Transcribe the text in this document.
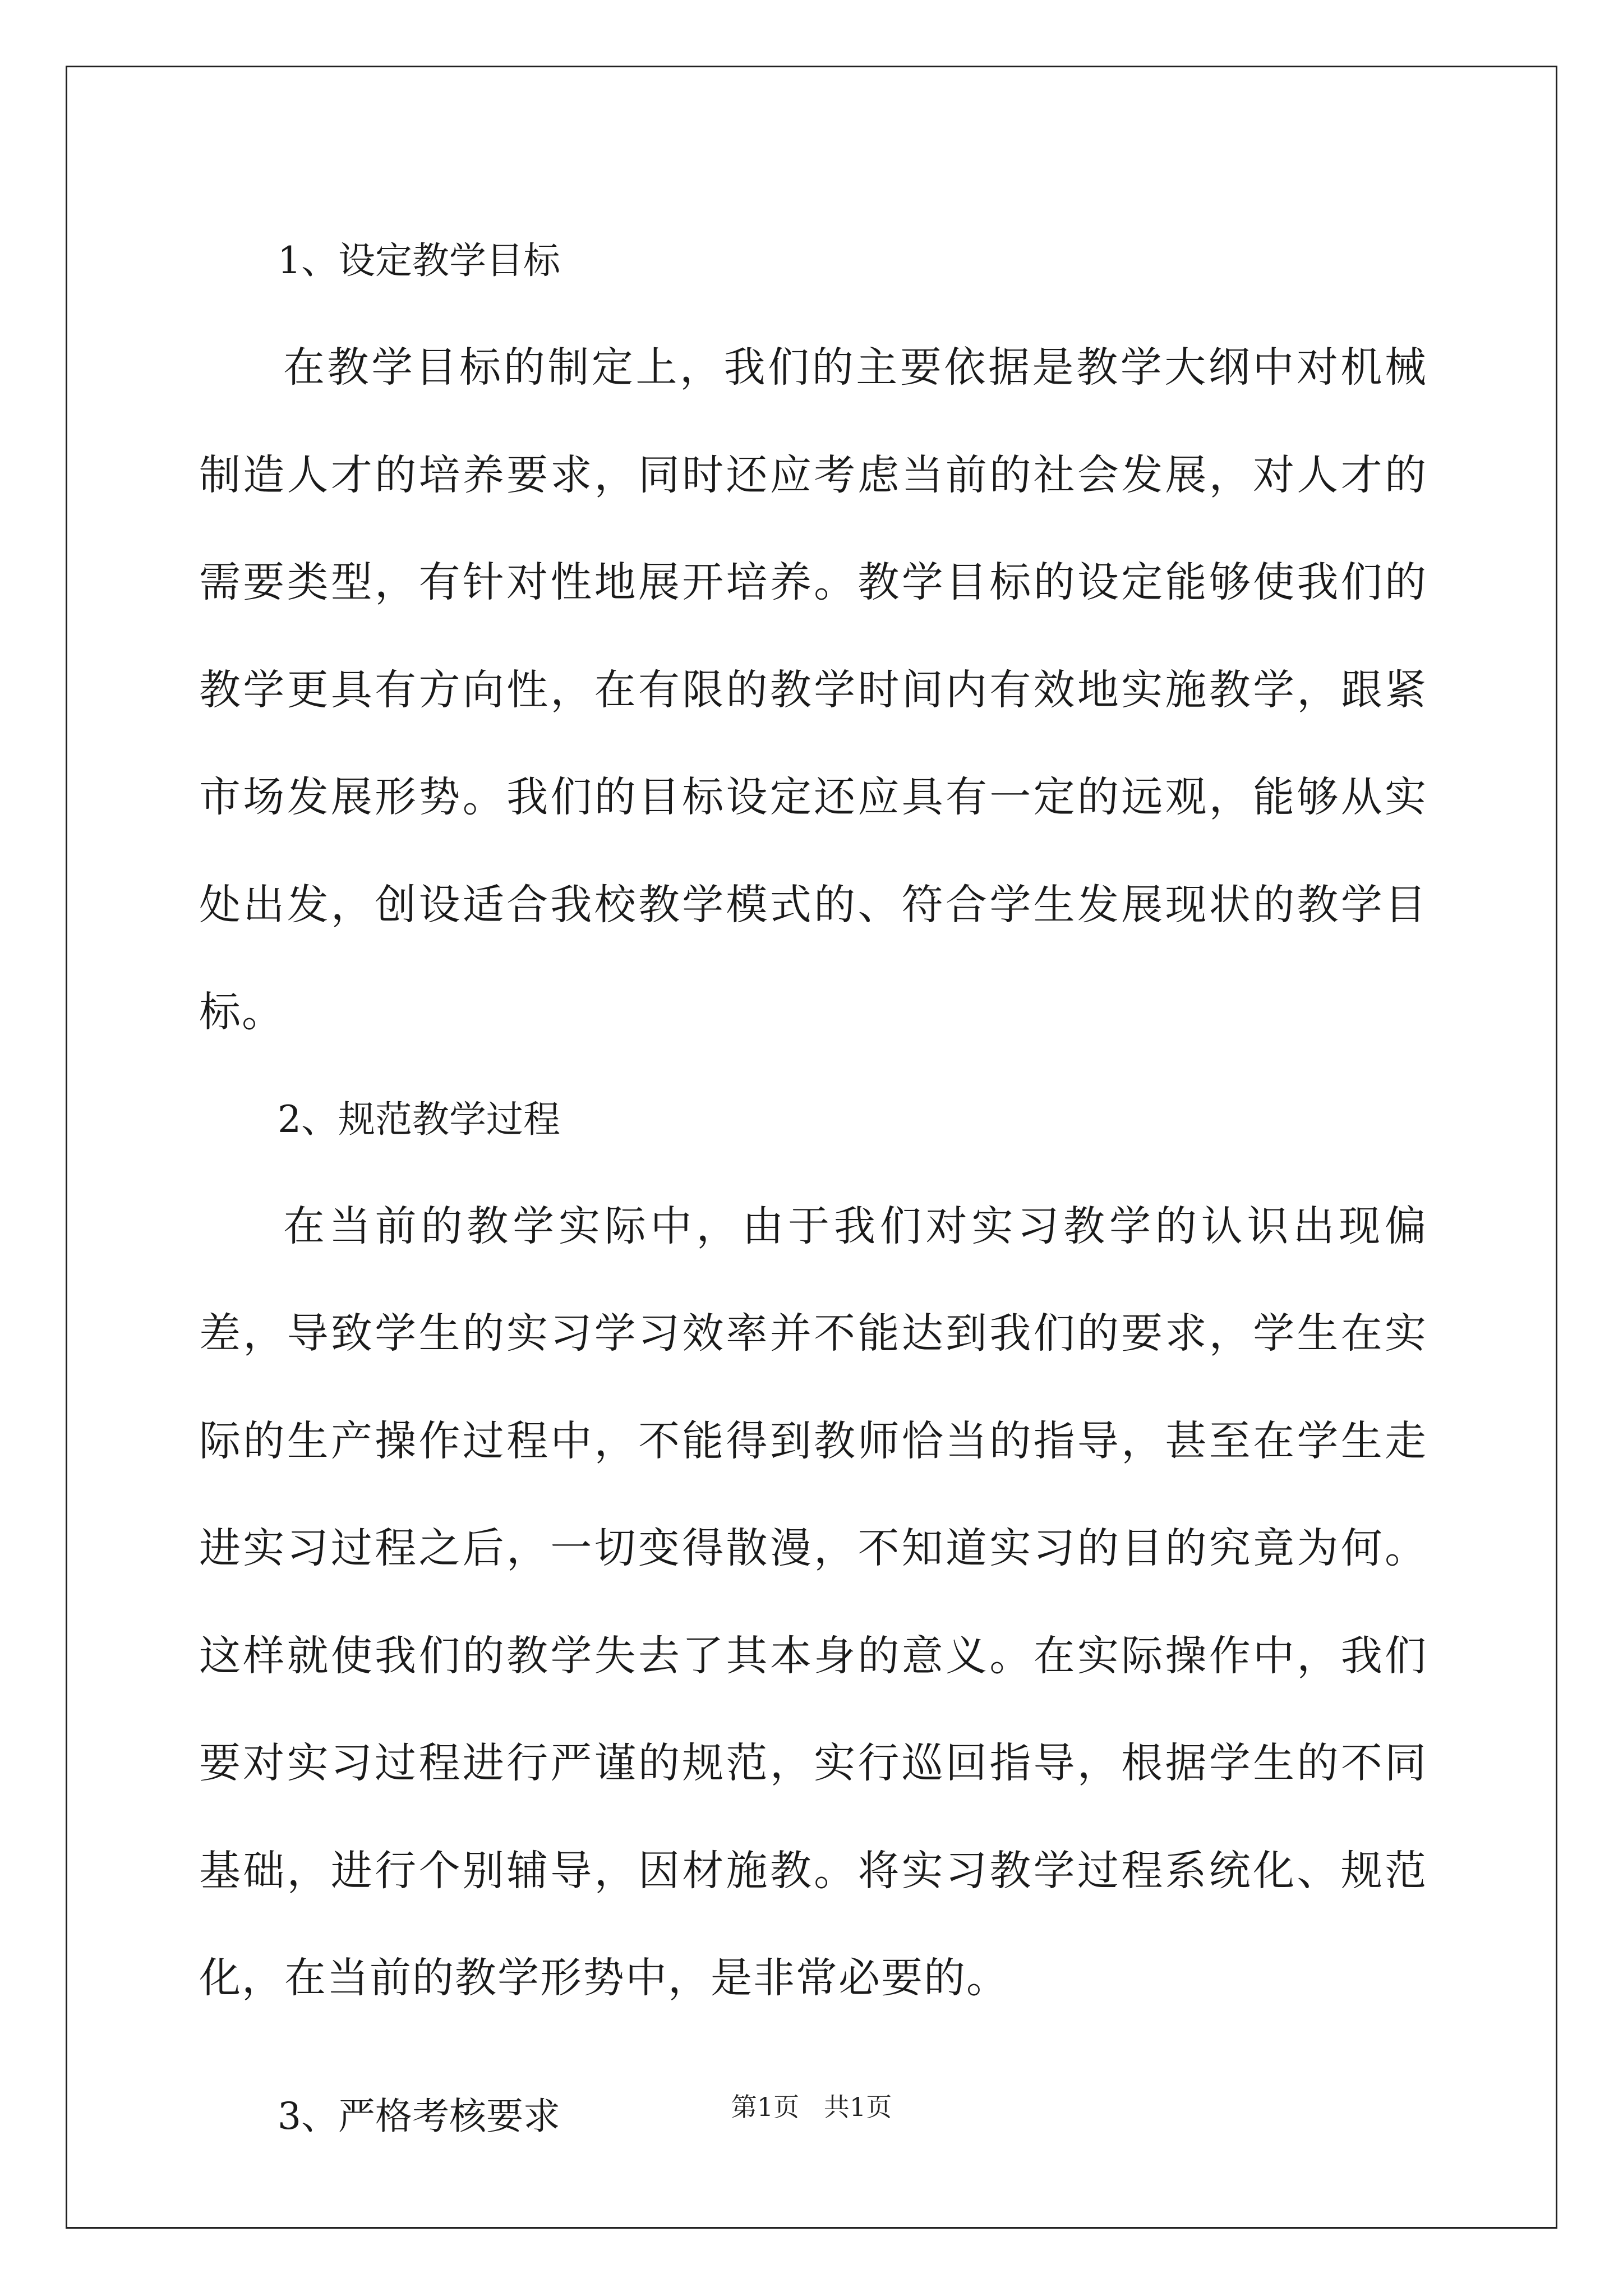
1、设定教学目标

在教学目标的制定上，我们的主要依据是教学大纲中对机械制造人才的培养要求，同时还应考虑当前的社会发展，对人才的需要类型，有针对性地展开培养。教学目标的设定能够使我们的教学更具有方向性，在有限的教学时间内有效地实施教学，跟紧市场发展形势。我们的目标设定还应具有一定的远观，能够从实处出发，创设适合我校教学模式的、符合学生发展现状的教学目标。

2、规范教学过程

在当前的教学实际中，由于我们对实习教学的认识出现偏差，导致学生的实习学习效率并不能达到我们的要求，学生在实际的生产操作过程中，不能得到教师恰当的指导，甚至在学生走进实习过程之后，一切变得散漫，不知道实习的目的究竟为何。这样就使我们的教学失去了其本身的意义。在实际操作中，我们要对实习过程进行严谨的规范，实行巡回指导，根据学生的不同基础，进行个别辅导，因材施教。将实习教学过程系统化、规范化，在当前的教学形势中，是非常必要的。

3、严格考核要求	第1页   共1页
